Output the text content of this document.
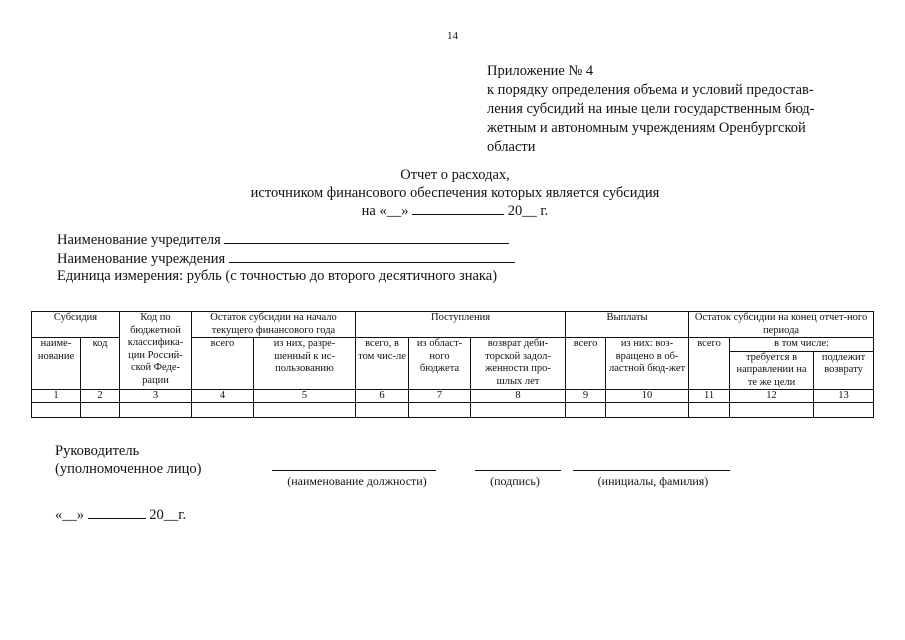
14
Приложение № 4
к порядку определения объема и условий предостав-
ления субсидий на иные цели государственным бюд-
жетным и автономным учреждениям Оренбургской
области
Отчет о расходах,
источником финансового обеспечения которых является субсидия
на «__»	20__ г.
Наименование учредителя
Наименование учреждения
Единица измерения: рубль (с точностью до второго десятичного знака)
Субсидия		Код по бюджетной классифика-ции Россий-ской Феде-рации	Остаток субсидии на начало текущего финансового года		Поступления			Выплаты		Остаток субсидии на конец отчет-ного периода		
наиме-нование	код		всего	из них, разре-шенный к ис-пользованию	всего, в том чис-ле	из област-ного бюджета	возврат деби-торской задол-женности про-шлых лет	всего	из них: воз-вращено в об-ластной бюд-жет	всего	в том числе:	
											требуется в направлении на те же цели	подлежит возврату
1	2	3	4	5	6	7	8	9	10	11	12	13

Руководитель
(уполномоченное лицо)
(наименование должности)	(подпись)	(инициалы, фамилия)
«__»	20__г.
